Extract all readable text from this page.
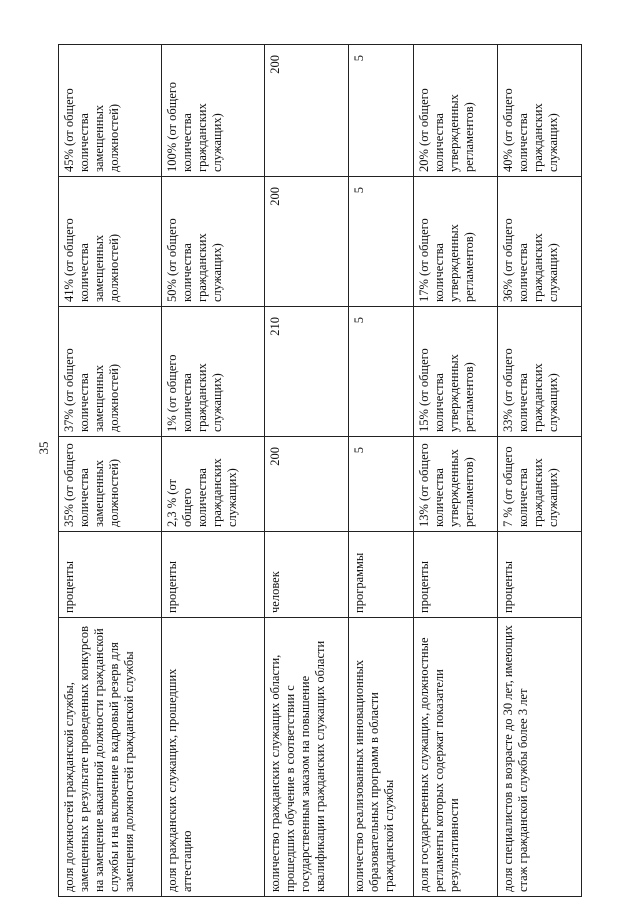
35
доля должностей гражданской службы, замещенных в результате проведенных конкурсов на замещение вакантной должности гражданской службы и на включение в кадровый резерв для замещения должностей гражданской службы	проценты	35% (от общего количества замещенных должностей)	37% (от общего количества замещенных должностей)	41% (от общего количества замещенных должностей)	45% (от общего количества замещенных должностей)
доля гражданских служащих, прошедших аттестацию	проценты	2,3 % (от общего количества гражданских служащих)	1% (от общего количества гражданских служащих)	50% (от общего количества гражданских служащих)	100% (от общего количества гражданских служащих)
количество гражданских служащих области, прошедших обучение в соответствии с государственным заказом на повышение квалификации гражданских служащих области	человек	200	210	200	200
количество реализованных инновационных образовательных программ в области гражданской службы	программы	5	5	5	5
доля государственных служащих, должностные регламенты которых содержат показатели результативности	проценты	13% (от общего количества утвержденных регламентов)	15% (от общего количества утвержденных регламентов)	17% (от общего количества утвержденных регламентов)	20% (от общего количества утвержденных регламентов)
доля специалистов в возрасте до 30 лет, имеющих стаж гражданской службы более 3 лет	проценты	7 % (от общего количества гражданских служащих)	33% (от общего количества гражданских служащих)	36% (от общего количества гражданских служащих)	40% (от общего количества гражданских служащих)
